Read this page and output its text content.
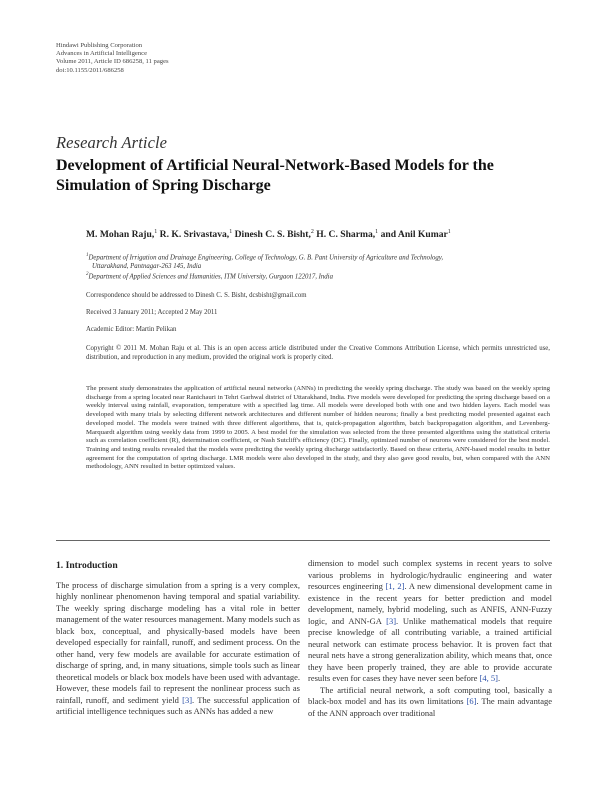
Hindawi Publishing Corporation
Advances in Artificial Intelligence
Volume 2011, Article ID 686258, 11 pages
doi:10.1155/2011/686258
Research Article
Development of Artificial Neural-Network-Based Models for the Simulation of Spring Discharge
M. Mohan Raju,$^1$ R. K. Srivastava,$^1$ Dinesh C. S. Bisht,$^2$ H. C. Sharma,$^1$ and Anil Kumar$^1$
$^1$Department of Irrigation and Drainage Engineering, College of Technology, G. B. Pant University of Agriculture and Technology,
Uttarakhand, Pantnagar-263 145, India
$^2$Department of Applied Sciences and Humanities, ITM University, Gurgaon 122017, India
Correspondence should be addressed to Dinesh C. S. Bisht, dcsbisht@gmail.com
Received 3 January 2011; Accepted 2 May 2011
Academic Editor: Martin Pelikan
Copyright © 2011 M. Mohan Raju et al. This is an open access article distributed under the Creative Commons Attribution License, which permits unrestricted use, distribution, and reproduction in any medium, provided the original work is properly cited.
The present study demonstrates the application of artificial neural networks (ANNs) in predicting the weekly spring discharge. The study was based on the weekly spring discharge from a spring located near Ranichauri in Tehri Garhwal district of Uttarakhand, India. Five models were developed for predicting the spring discharge based on a weekly interval using rainfall, evaporation, temperature with a specified lag time. All models were developed both with one and two hidden layers. Each model was developed with many trials by selecting different network architectures and different number of hidden neurons; finally a best predicting model presented against each developed model. The models were trained with three different algorithms, that is, quick-propagation algorithm, batch backpropagation algorithm, and Levenberg-Marquardt algorithm using weekly data from 1999 to 2005. A best model for the simulation was selected from the three presented algorithms using the statistical criteria such as correlation coefficient (R), determination coefficient, or Nash Sutcliff's efficiency (DC). Finally, optimized number of neurons were considered for the best model. Training and testing results revealed that the models were predicting the weekly spring discharge satisfactorily. Based on these criteria, ANN-based model results in better agreement for the computation of spring discharge. LMR models were also developed in the study, and they also gave good results, but, when compared with the ANN methodology, ANN resulted in better optimized values.
1. Introduction

The process of discharge simulation from a spring is a very complex, highly nonlinear phenomenon having temporal and spatial variability. The weekly spring discharge modeling has a vital role in better management of the water resources management. Many models such as black box, conceptual, and physically-based models have been developed especially for rainfall, runoff, and sediment process. On the other hand, very few models are available for accurate estimation of discharge of spring, and, in many situations, simple tools such as linear theoretical models or black box models have been used with advantage. However, these models fail to represent the nonlinear process such as rainfall, runoff, and sediment yield [3]. The successful application of artificial intelligence techniques such as ANNs has added a new

dimension to model such complex systems in recent years to solve various problems in hydrologic/hydraulic engineering and water resources engineering [1, 2]. A new dimensional development came in existence in the recent years for better prediction and model development, namely, hybrid modeling, such as ANFIS, ANN-Fuzzy logic, and ANN-GA [3]. Unlike mathematical models that require precise knowledge of all contributing variable, a trained artificial neural network can estimate process behavior. It is proven fact that neural nets have a strong generalization ability, which means that, once they have been properly trained, they are able to provide accurate results even for cases they have never seen before [4, 5].

The artificial neural network, a soft computing tool, basically a black-box model and has its own limitations [6]. The main advantage of the ANN approach over traditional
